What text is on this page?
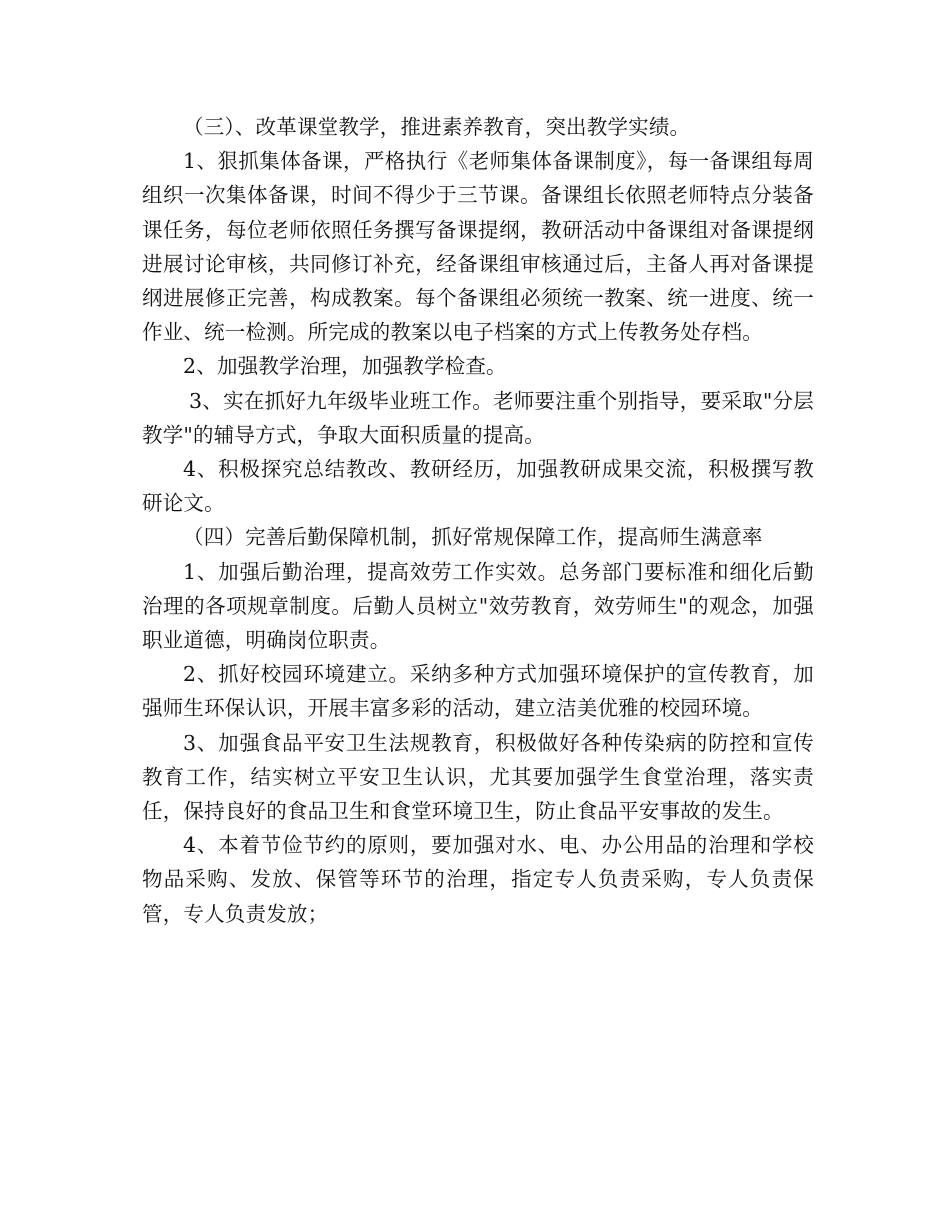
（三）、改革课堂教学，推进素养教育，突出教学实绩。

1、狠抓集体备课，严格执行《老师集体备课制度》，每一备课组每周组织一次集体备课，时间不得少于三节课。备课组长依照老师特点分装备课任务，每位老师依照任务撰写备课提纲，教研活动中备课组对备课提纲进展讨论审核，共同修订补充，经备课组审核通过后，主备人再对备课提纲进展修正完善，构成教案。每个备课组必须统一教案、统一进度、统一作业、统一检测。所完成的教案以电子档案的方式上传教务处存档。

2、加强教学治理，加强教学检查。

3、实在抓好九年级毕业班工作。老师要注重个别指导，要采取"分层教学"的辅导方式，争取大面积质量的提高。

4、积极探究总结教改、教研经历，加强教研成果交流，积极撰写教研论文。

（四）完善后勤保障机制，抓好常规保障工作，提高师生满意率

1、加强后勤治理，提高效劳工作实效。总务部门要标准和细化后勤治理的各项规章制度。后勤人员树立"效劳教育，效劳师生"的观念，加强职业道德，明确岗位职责。

2、抓好校园环境建立。采纳多种方式加强环境保护的宣传教育，加强师生环保认识，开展丰富多彩的活动，建立洁美优雅的校园环境。

3、加强食品平安卫生法规教育，积极做好各种传染病的防控和宣传教育工作，结实树立平安卫生认识，尤其要加强学生食堂治理，落实责任，保持良好的食品卫生和食堂环境卫生，防止食品平安事故的发生。

4、本着节俭节约的原则，要加强对水、电、办公用品的治理和学校物品采购、发放、保管等环节的治理，指定专人负责采购，专人负责保管，专人负责发放；
